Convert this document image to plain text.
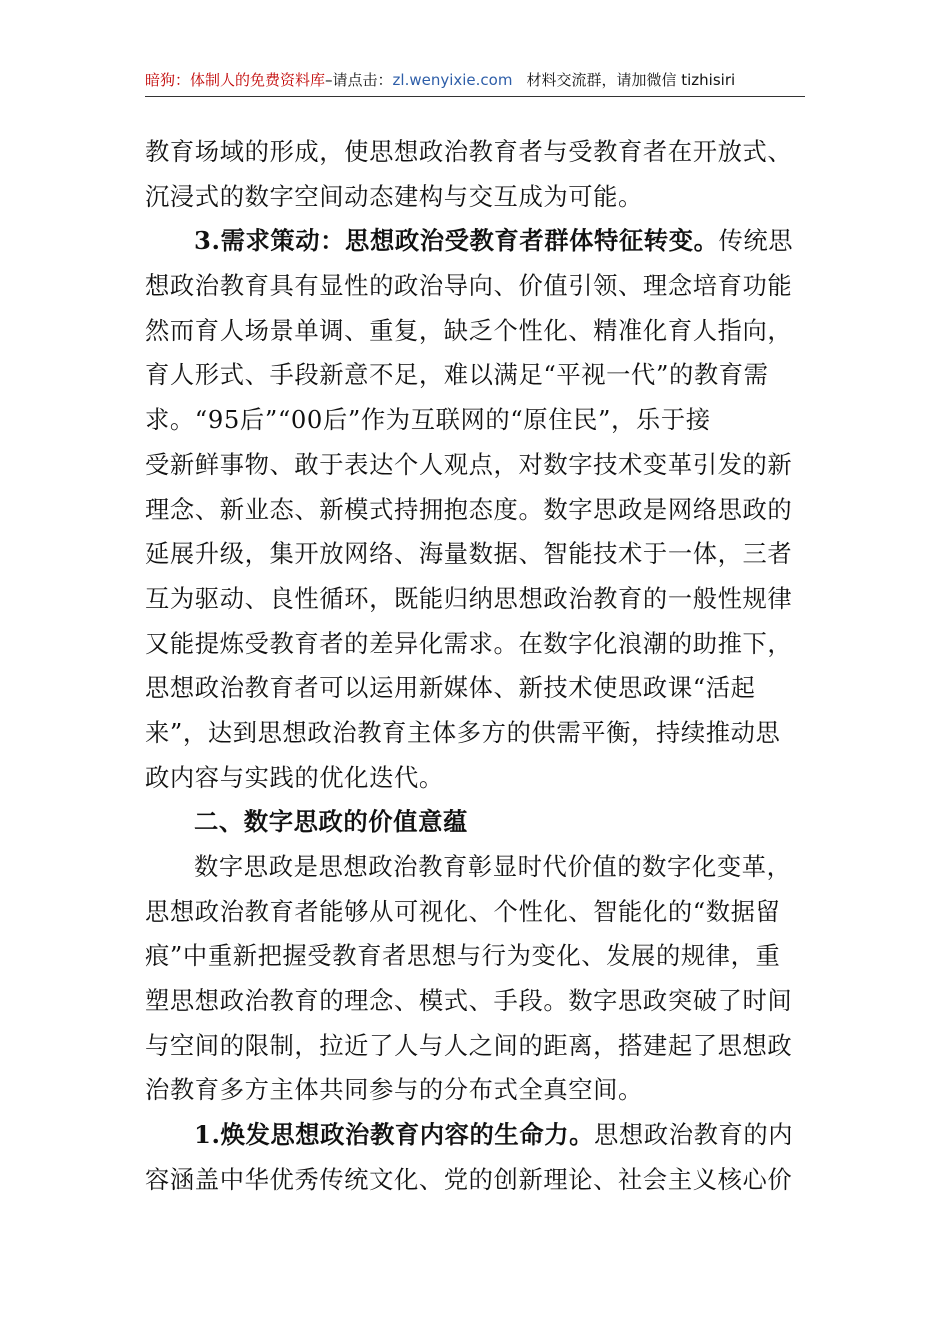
暗狗：体制人的免费资料库–请点击：zl.wenyixie.com 材料交流群，请加微信 tizhisiri
教育场域的形成，使思想政治教育者与受教育者在开放式、
沉浸式的数字空间动态建构与交互成为可能。
3.需求策动：思想政治受教育者群体特征转变。传统思
想政治教育具有显性的政治导向、价值引领、理念培育功能
然而育人场景单调、重复，缺乏个性化、精准化育人指向，
育人形式、手段新意不足，难以满足“平视一代”的教育需
求。“95后”“00后”作为互联网的“原住民”，乐于接
受新鲜事物、敢于表达个人观点，对数字技术变革引发的新
理念、新业态、新模式持拥抱态度。数字思政是网络思政的
延展升级，集开放网络、海量数据、智能技术于一体，三者
互为驱动、良性循环，既能归纳思想政治教育的一般性规律
又能提炼受教育者的差异化需求。在数字化浪潮的助推下，
思想政治教育者可以运用新媒体、新技术使思政课“活起
来”，达到思想政治教育主体多方的供需平衡，持续推动思
政内容与实践的优化迭代。
二、数字思政的价值意蕴
数字思政是思想政治教育彰显时代价值的数字化变革，
思想政治教育者能够从可视化、个性化、智能化的“数据留
痕”中重新把握受教育者思想与行为变化、发展的规律，重
塑思想政治教育的理念、模式、手段。数字思政突破了时间
与空间的限制，拉近了人与人之间的距离，搭建起了思想政
治教育多方主体共同参与的分布式全真空间。
1.焕发思想政治教育内容的生命力。思想政治教育的内
容涵盖中华优秀传统文化、党的创新理论、社会主义核心价
